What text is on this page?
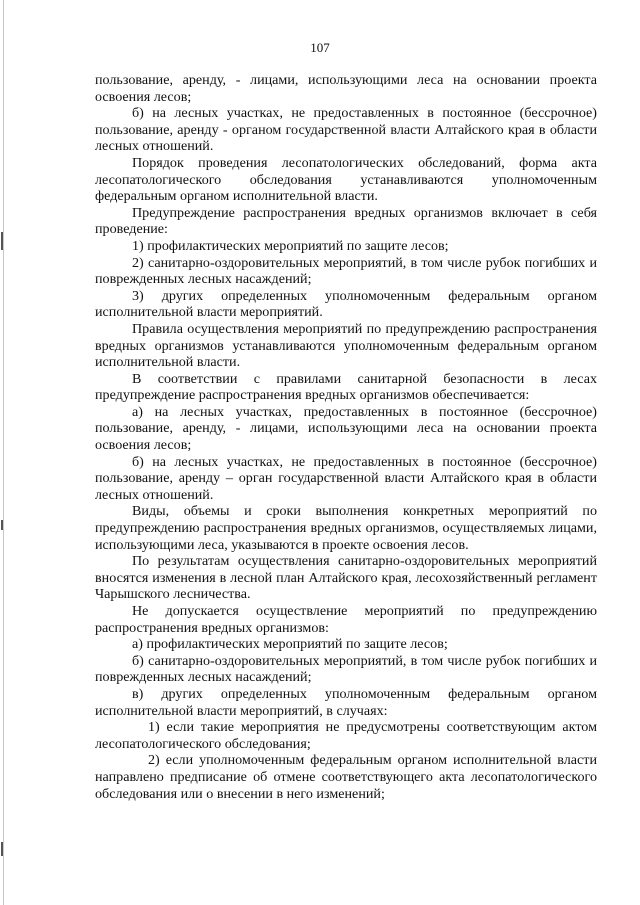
107

пользование, аренду, - лицами, использующими леса на основании проекта освоения лесов;

б) на лесных участках, не предоставленных в постоянное (бессрочное) пользование, аренду - органом государственной власти Алтайского края в области лесных отношений.

Порядок проведения лесопатологических обследований, форма акта лесопатологического обследования устанавливаются уполномоченным федеральным органом исполнительной власти.

Предупреждение распространения вредных организмов включает в себя проведение:

1) профилактических мероприятий по защите лесов;

2) санитарно-оздоровительных мероприятий, в том числе рубок погибших и поврежденных лесных насаждений;

3) других определенных уполномоченным федеральным органом исполнительной власти мероприятий.

Правила осуществления мероприятий по предупреждению распространения вредных организмов устанавливаются уполномоченным федеральным органом исполнительной власти.

В соответствии с правилами санитарной безопасности в лесах предупреждение распространения вредных организмов обеспечивается:

а) на лесных участках, предоставленных в постоянное (бессрочное) пользование, аренду, - лицами, использующими леса на основании проекта освоения лесов;

б) на лесных участках, не предоставленных в постоянное (бессрочное) пользование, аренду – орган государственной власти Алтайского края в области лесных отношений.

Виды, объемы и сроки выполнения конкретных мероприятий по предупреждению распространения вредных организмов, осуществляемых лицами, использующими леса, указываются в проекте освоения лесов.

По результатам осуществления санитарно-оздоровительных мероприятий вносятся изменения в лесной план Алтайского края, лесохозяйственный регламент Чарышского лесничества.

Не допускается осуществление мероприятий по предупреждению распространения вредных организмов:

а) профилактических мероприятий по защите лесов;

б) санитарно-оздоровительных мероприятий, в том числе рубок погибших и поврежденных лесных насаждений;

в) других определенных уполномоченным федеральным органом исполнительной власти мероприятий, в случаях:

1) если такие мероприятия не предусмотрены соответствующим актом лесопатологического обследования;

2) если уполномоченным федеральным органом исполнительной власти направлено предписание об отмене соответствующего акта лесопатологического обследования или о внесении в него изменений;
